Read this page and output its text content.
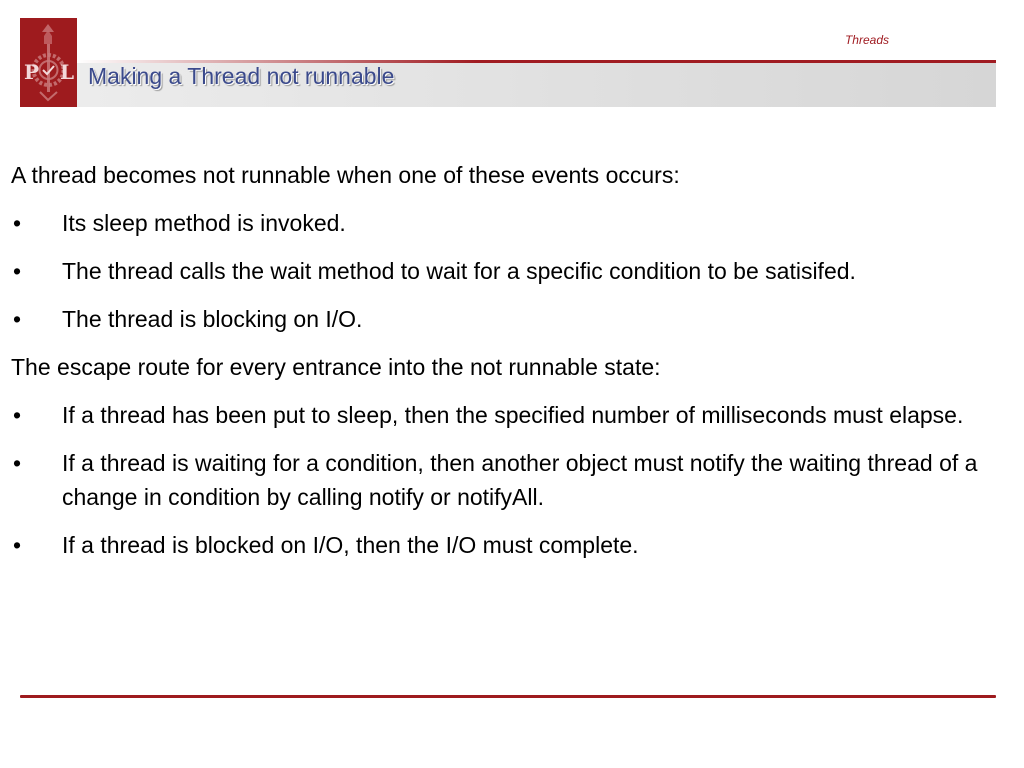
P L
Threads
Making a Thread not runnable

A thread becomes not runnable when one of these events occurs:

• Its sleep method is invoked.
• The thread calls the wait method to wait for a specific condition to be satisifed.
• The thread is blocking on I/O.

The escape route for every entrance into the not runnable state:

• If a thread has been put to sleep, then the specified number of milliseconds must elapse.
• If a thread is waiting for a condition, then another object must notify the waiting thread of a change in condition by calling notify or notifyAll.
• If a thread is blocked on I/O, then the I/O must complete.
